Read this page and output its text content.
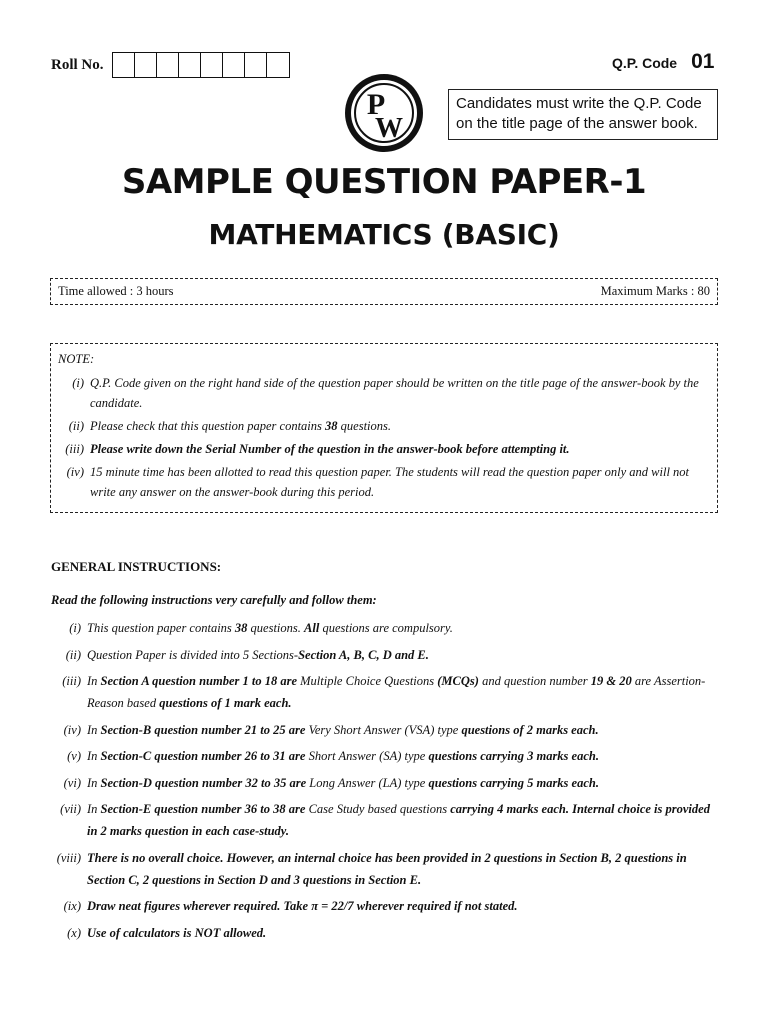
Roll No.	Q.P. Code 01
P
W
Candidates must write the Q.P. Code on the title page of the answer book.
SAMPLE QUESTION PAPER-1
MATHEMATICS (BASIC)
Time allowed : 3 hours	Maximum Marks : 80
NOTE:
(i) Q.P. Code given on the right hand side of the question paper should be written on the title page of the answer-book by the candidate.
(ii) Please check that this question paper contains 38 questions.
(iii) Please write down the Serial Number of the question in the answer-book before attempting it.
(iv) 15 minute time has been allotted to read this question paper. The students will read the question paper only and will not write any answer on the answer-book during this period.
GENERAL INSTRUCTIONS:
Read the following instructions very carefully and follow them:
(i) This question paper contains 38 questions. All questions are compulsory.
(ii) Question Paper is divided into 5 Sections-Section A, B, C, D and E.
(iii) In Section A question number 1 to 18 are Multiple Choice Questions (MCQs) and question number 19 & 20 are Assertion-Reason based questions of 1 mark each.
(iv) In Section-B question number 21 to 25 are Very Short Answer (VSA) type questions of 2 marks each.
(v) In Section-C question number 26 to 31 are Short Answer (SA) type questions carrying 3 marks each.
(vi) In Section-D question number 32 to 35 are Long Answer (LA) type questions carrying 5 marks each.
(vii) In Section-E question number 36 to 38 are Case Study based questions carrying 4 marks each. Internal choice is provided in 2 marks question in each case-study.
(viii) There is no overall choice. However, an internal choice has been provided in 2 questions in Section B, 2 questions in Section C, 2 questions in Section D and 3 questions in Section E.
(ix) Draw neat figures wherever required. Take π = 22/7 wherever required if not stated.
(x) Use of calculators is NOT allowed.
